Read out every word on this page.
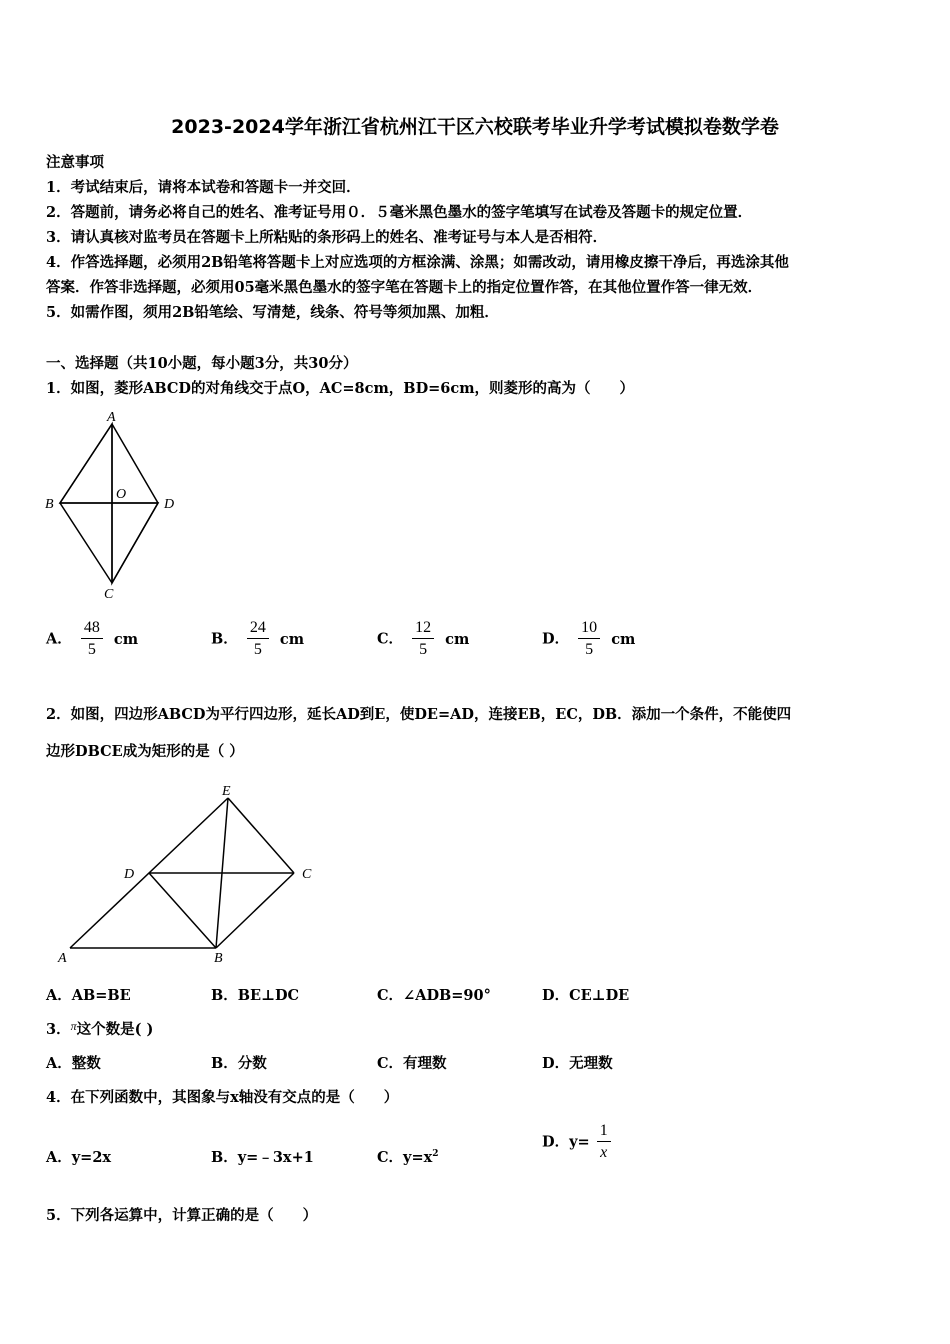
2023-2024学年浙江省杭州江干区六校联考毕业升学考试模拟卷数学卷
注意事项
1．考试结束后，请将本试卷和答题卡一并交回．
2．答题前，请务必将自己的姓名、准考证号用０．５毫米黑色墨水的签字笔填写在试卷及答题卡的规定位置．
3．请认真核对监考员在答题卡上所粘贴的条形码上的姓名、准考证号与本人是否相符．
4．作答选择题，必须用2B铅笔将答题卡上对应选项的方框涂满、涂黑；如需改动，请用橡皮擦干净后，再选涂其他
答案．作答非选择题，必须用05毫米黑色墨水的签字笔在答题卡上的指定位置作答，在其他位置作答一律无效．
5．如需作图，须用2B铅笔绘、写清楚，线条、符号等须加黑、加粗．
一、选择题（共10小题，每小题3分，共30分）
1．如图，菱形ABCD的对角线交于点O，AC=8cm，BD=6cm，则菱形的高为（　　）
A
B	D
O
C
A． $\frac{48}{5}$ cm	B． $\frac{24}{5}$ cm	C． $\frac{12}{5}$ cm	D． $\frac{10}{5}$ cm
2．如图，四边形ABCD为平行四边形，延长AD到E，使DE=AD，连接EB，EC，DB．添加一个条件，不能使四
边形DBCE成为矩形的是（ ）
E
D	C
A	B
A．AB=BE	B．BE⊥DC	C．∠ADB=90°	D．CE⊥DE
3．$^\pi$这个数是( )
A．整数	B．分数	C．有理数	D．无理数
4．在下列函数中，其图象与x轴没有交点的是（　　）
A．y=2x	B．y=﹣3x+1	C．$y=x^2$
D．$y= \frac{1}{x}$
5．下列各运算中，计算正确的是（　　）
